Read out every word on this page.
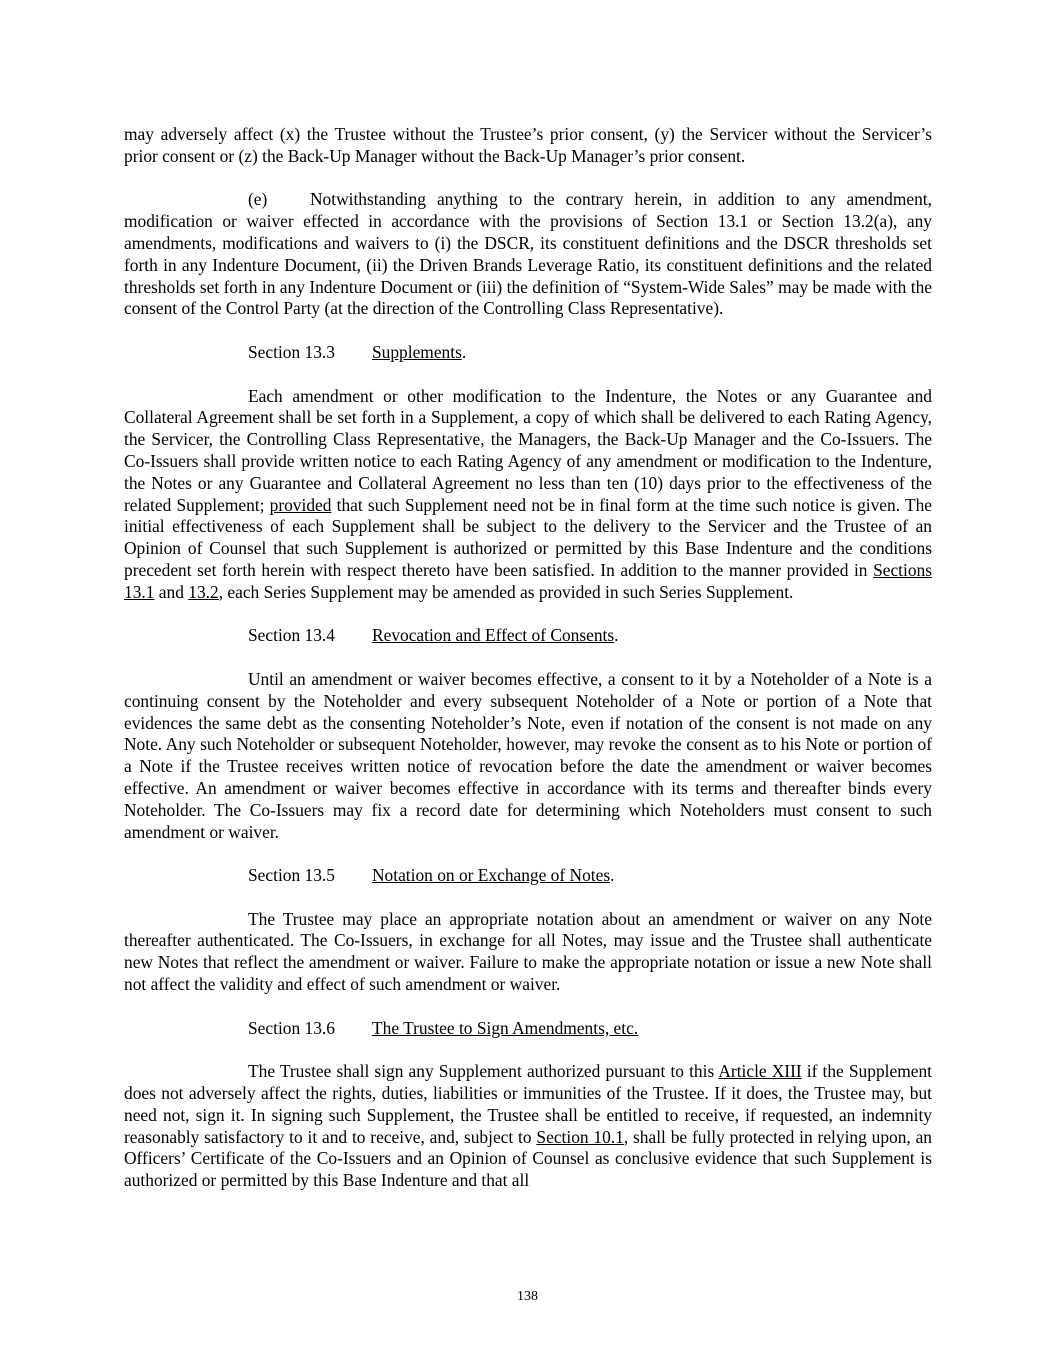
may adversely affect (x) the Trustee without the Trustee’s prior consent, (y) the Servicer without the Servicer’s prior consent or (z) the Back-Up Manager without the Back-Up Manager’s prior consent.

(e) Notwithstanding anything to the contrary herein, in addition to any amendment, modification or waiver effected in accordance with the provisions of Section 13.1 or Section 13.2(a), any amendments, modifications and waivers to (i) the DSCR, its constituent definitions and the DSCR thresholds set forth in any Indenture Document, (ii) the Driven Brands Leverage Ratio, its constituent definitions and the related thresholds set forth in any Indenture Document or (iii) the definition of “System-Wide Sales” may be made with the consent of the Control Party (at the direction of the Controlling Class Representative).

Section 13.3 Supplements.

Each amendment or other modification to the Indenture, the Notes or any Guarantee and Collateral Agreement shall be set forth in a Supplement, a copy of which shall be delivered to each Rating Agency, the Servicer, the Controlling Class Representative, the Managers, the Back-Up Manager and the Co-Issuers. The Co-Issuers shall provide written notice to each Rating Agency of any amendment or modification to the Indenture, the Notes or any Guarantee and Collateral Agreement no less than ten (10) days prior to the effectiveness of the related Supplement; provided that such Supplement need not be in final form at the time such notice is given. The initial effectiveness of each Supplement shall be subject to the delivery to the Servicer and the Trustee of an Opinion of Counsel that such Supplement is authorized or permitted by this Base Indenture and the conditions precedent set forth herein with respect thereto have been satisfied. In addition to the manner provided in Sections 13.1 and 13.2, each Series Supplement may be amended as provided in such Series Supplement.

Section 13.4 Revocation and Effect of Consents.

Until an amendment or waiver becomes effective, a consent to it by a Noteholder of a Note is a continuing consent by the Noteholder and every subsequent Noteholder of a Note or portion of a Note that evidences the same debt as the consenting Noteholder’s Note, even if notation of the consent is not made on any Note. Any such Noteholder or subsequent Noteholder, however, may revoke the consent as to his Note or portion of a Note if the Trustee receives written notice of revocation before the date the amendment or waiver becomes effective. An amendment or waiver becomes effective in accordance with its terms and thereafter binds every Noteholder. The Co-Issuers may fix a record date for determining which Noteholders must consent to such amendment or waiver.

Section 13.5 Notation on or Exchange of Notes.

The Trustee may place an appropriate notation about an amendment or waiver on any Note thereafter authenticated. The Co-Issuers, in exchange for all Notes, may issue and the Trustee shall authenticate new Notes that reflect the amendment or waiver. Failure to make the appropriate notation or issue a new Note shall not affect the validity and effect of such amendment or waiver.

Section 13.6 The Trustee to Sign Amendments, etc.

The Trustee shall sign any Supplement authorized pursuant to this Article XIII if the Supplement does not adversely affect the rights, duties, liabilities or immunities of the Trustee. If it does, the Trustee may, but need not, sign it. In signing such Supplement, the Trustee shall be entitled to receive, if requested, an indemnity reasonably satisfactory to it and to receive, and, subject to Section 10.1, shall be fully protected in relying upon, an Officers’ Certificate of the Co-Issuers and an Opinion of Counsel as conclusive evidence that such Supplement is authorized or permitted by this Base Indenture and that all

138
